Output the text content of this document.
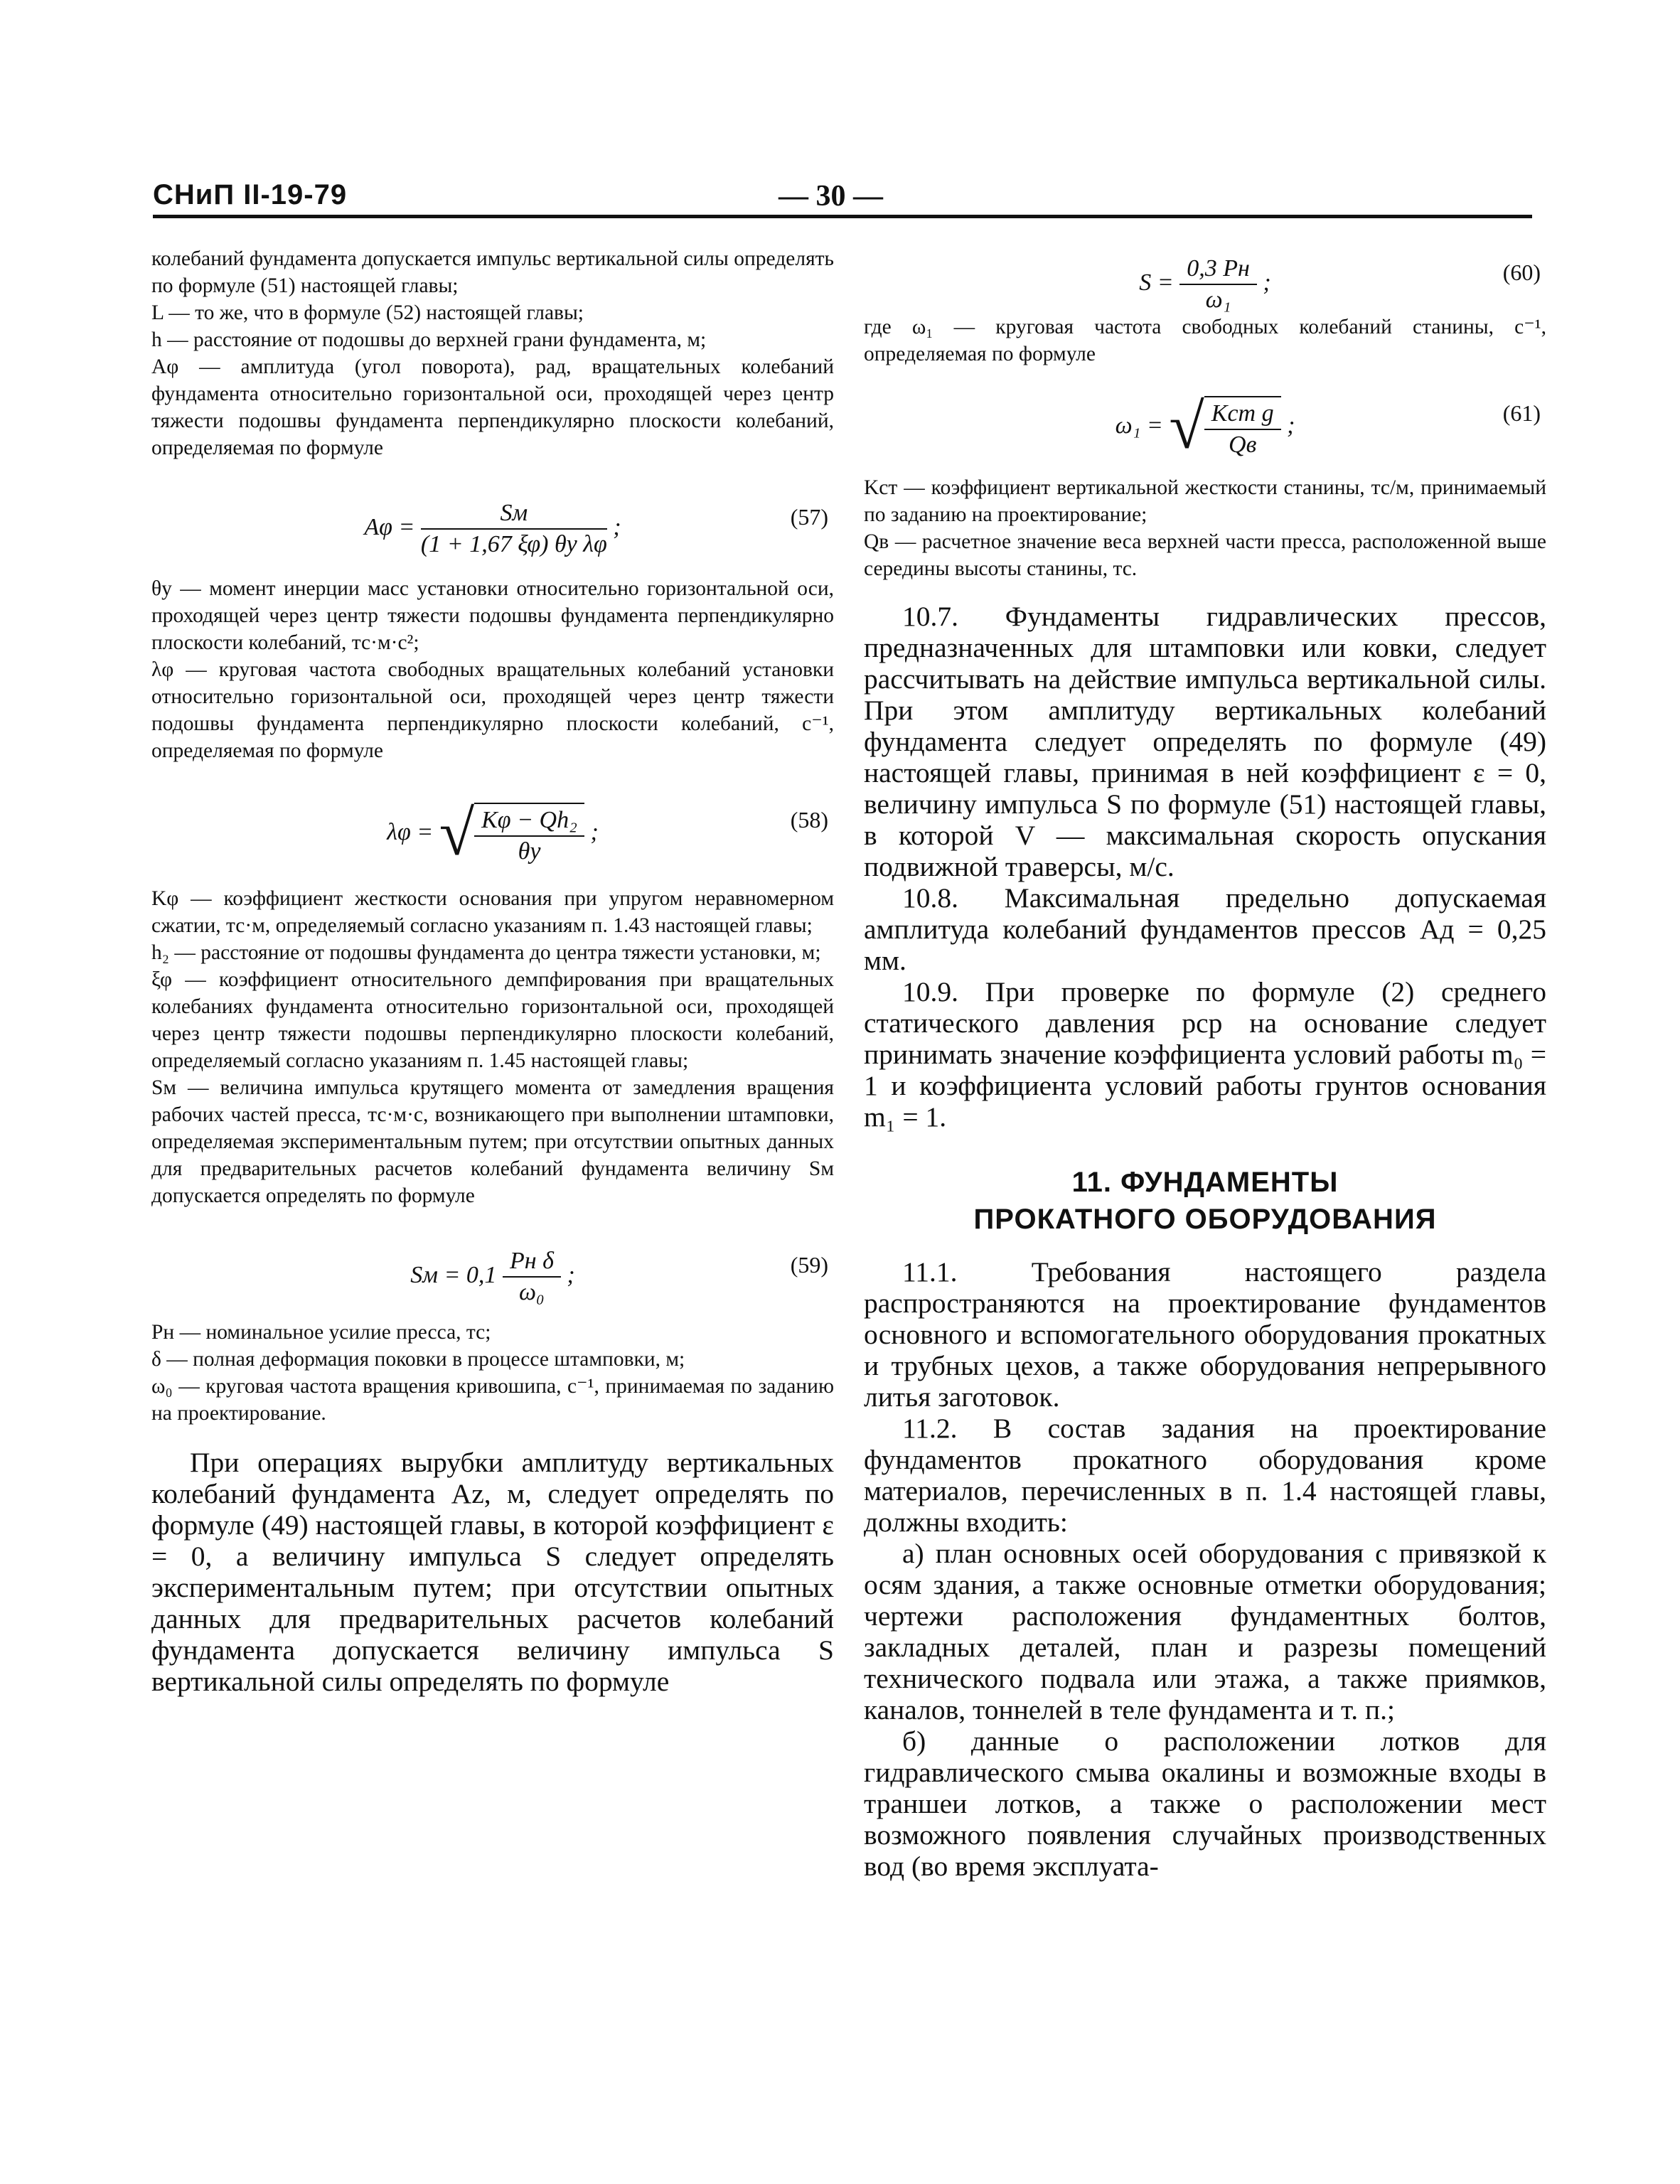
СНиП II-19-79	— 30 —

колебаний фундамента допускается импульс вертикальной силы определять по формуле (51) настоящей главы;

L — то же, что в формуле (52) настоящей главы;

h — расстояние от подошвы до верхней грани фундамента, м;

Aφ — амплитуда (угол поворота), рад, вращательных колебаний фундамента относительно горизонтальной оси, проходящей через центр тяжести подошвы фундамента перпендикулярно плоскости колебаний, определяемая по формуле

$A\varphi = \frac{Sм}{\text{(1 + 1,67 ξφ) θу λφ}}$ ;	(57)

θу — момент инерции масс установки относительно горизонтальной оси, проходящей через центр тяжести подошвы фундамента перпендикулярно плоскости колебаний, тс·м·с²;

λφ — круговая частота свободных вращательных колебаний установки относительно горизонтальной оси, проходящей через центр тяжести подошвы фундамента перпендикулярно плоскости колебаний, с⁻¹, определяемая по формуле

λφ = √ $\frac{\text{Kφ − Qh₂}}{\theta у}$ ;	(58)

Kφ — коэффициент жесткости основания при упругом неравномерном сжатии, тс·м, определяемый согласно указаниям п. 1.43 настоящей главы;

h₂ — расстояние от подошвы фундамента до центра тяжести установки, м;

ξφ — коэффициент относительного демпфирования при вращательных колебаниях фундамента относительно горизонтальной оси, проходящей через центр тяжести подошвы перпендикулярно плоскости колебаний, определяемый согласно указаниям п. 1.45 настоящей главы;

Sм — величина импульса крутящего момента от замедления вращения рабочих частей пресса, тс·м·с, возникающего при выполнении штамповки, определяемая экспериментальным путем; при отсутствии опытных данных для предварительных расчетов колебаний фундамента величину Sм допускается определять по формуле

Sм = $0,1 \frac{\text{Pн δ}}{\text{ω₀}}$ ;	(59)

Pн — номинальное усилие пресса, тс;

δ — полная деформация поковки в процессе штамповки, м;

ω₀ — круговая частота вращения кривошипа, с⁻¹, принимаемая по заданию на проектирование.

При операциях вырубки амплитуду вертикальных колебаний фундамента Az, м, следует определять по формуле (49) настоящей главы, в которой коэффициент ε = 0, а величину импульса S следует определять экспериментальным путем; при отсутствии опытных данных для предварительных расчетов колебаний фундамента допускается величину импульса S вертикальной силы определять по формуле

$S = \frac{0,3 Pн}{\text{ω₁}}$ ;	(60)

где ω₁ — круговая частота свободных колебаний станины, с⁻¹, определяемая по формуле

ω₁ = √ $\frac{\text{Kст g}}{Qв}$ ;	(61)

Kст — коэффициент вертикальной жесткости станины, тс/м, принимаемый по заданию на проектирование;

Qв — расчетное значение веса верхней части пресса, расположенной выше середины высоты станины, тс.

10.7. Фундаменты гидравлических прессов, предназначенных для штамповки или ковки, следует рассчитывать на действие импульса вертикальной силы. При этом амплитуду вертикальных колебаний фундамента следует определять по формуле (49) настоящей главы, принимая в ней коэффициент ε = 0, величину импульса S по формуле (51) настоящей главы, в которой V — максимальная скорость опускания подвижной траверсы, м/с.

10.8. Максимальная предельно допускаемая амплитуда колебаний фундаментов прессов Aд = 0,25 мм.

10.9. При проверке по формуле (2) среднего статического давления pср на основание следует принимать значение коэффициента условий работы m₀ = 1 и коэффициента условий работы грунтов основания m₁ = 1.

11. ФУНДАМЕНТЫ
ПРОКАТНОГО ОБОРУДОВАНИЯ

11.1. Требования настоящего раздела распространяются на проектирование фундаментов основного и вспомогательного оборудования прокатных и трубных цехов, а также оборудования непрерывного литья заготовок.

11.2. В состав задания на проектирование фундаментов прокатного оборудования кроме материалов, перечисленных в п. 1.4 настоящей главы, должны входить:

а) план основных осей оборудования с привязкой к осям здания, а также основные отметки оборудования; чертежи расположения фундаментных болтов, закладных деталей, план и разрезы помещений технического подвала или этажа, а также приямков, каналов, тоннелей в теле фундамента и т. п.;

б) данные о расположении лотков для гидравлического смыва окалины и возможные входы в траншеи лотков, а также о расположении мест возможного появления случайных производственных вод (во время эксплуата-
